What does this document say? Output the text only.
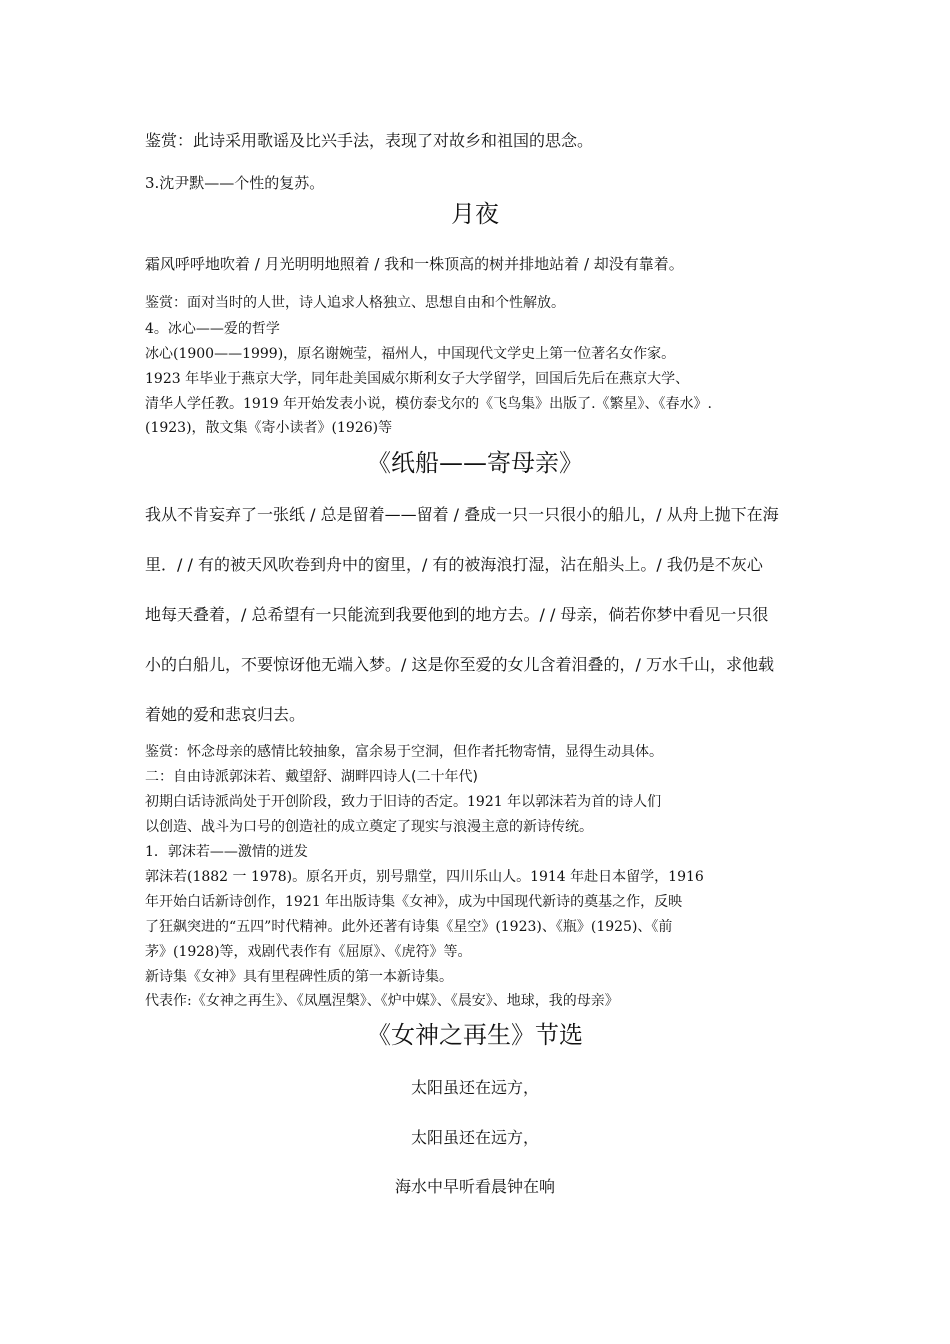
鉴赏：此诗采用歌谣及比兴手法，表现了对故乡和祖国的思念。
3.沈尹默——个性的复苏。
月夜
霜风呼呼地吹着 / 月光明明地照着 / 我和一株顶高的树并排地站着 / 却没有靠着。
鉴赏：面对当时的人世，诗人追求人格独立、思想自由和个性解放。
4。冰心——爱的哲学
冰心(1900——1999)，原名谢婉莹，福州人，中国现代文学史上第一位著名女作家。
1923 年毕业于燕京大学，同年赴美国威尔斯利女子大学留学，回国后先后在燕京大学、
清华人学任教。1919 年开始发表小说，模仿泰戈尔的《飞鸟集》出版了.《繁星》、《春水》.
(1923)，散文集《寄小读者》(1926)等
《纸船——寄母亲》
我从不肯妄弃了一张纸 / 总是留着——留着 / 叠成一只一只很小的船儿，/ 从舟上抛下在海
里．/ / 有的被天风吹卷到舟中的窗里，/ 有的被海浪打湿，沾在船头上。/ 我仍是不灰心
地每天叠着，/ 总希望有一只能流到我要他到的地方去。/ / 母亲，倘若你梦中看见一只很
小的白船儿，不要惊讶他无端入梦。/ 这是你至爱的女儿含着泪叠的，/ 万水千山，求他载
着她的爱和悲哀归去。
鉴赏：怀念母亲的感情比较抽象，富余易于空洞，但作者托物寄情，显得生动具体。
二：自由诗派郭沫若、戴望舒、湖畔四诗人(二十年代)
初期白话诗派尚处于开创阶段，致力于旧诗的否定。1921 年以郭沫若为首的诗人们
以创造、战斗为口号的创造社的成立奠定了现实与浪漫主意的新诗传统。
1．郭沫若——激情的迸发
郭沫若(1882 一 1978)。原名开贞，别号鼎堂，四川乐山人。1914 年赴日本留学，1916
年开始白话新诗创作，1921 年出版诗集《女神》，成为中国现代新诗的奠基之作，反映
了狂飙突进的“五四”时代精神。此外还著有诗集《星空》(1923)、《瓶》(1925)、《前
茅》(1928)等，戏剧代表作有《屈原》、《虎符》等。
新诗集《女神》具有里程碑性质的第一本新诗集。
代表作:《女神之再生》、《凤凰涅槃》、《炉中媒》、《晨安》、地球，我的母亲》
《女神之再生》节选
太阳虽还在远方，
太阳虽还在远方，
海水中早听看晨钟在响
